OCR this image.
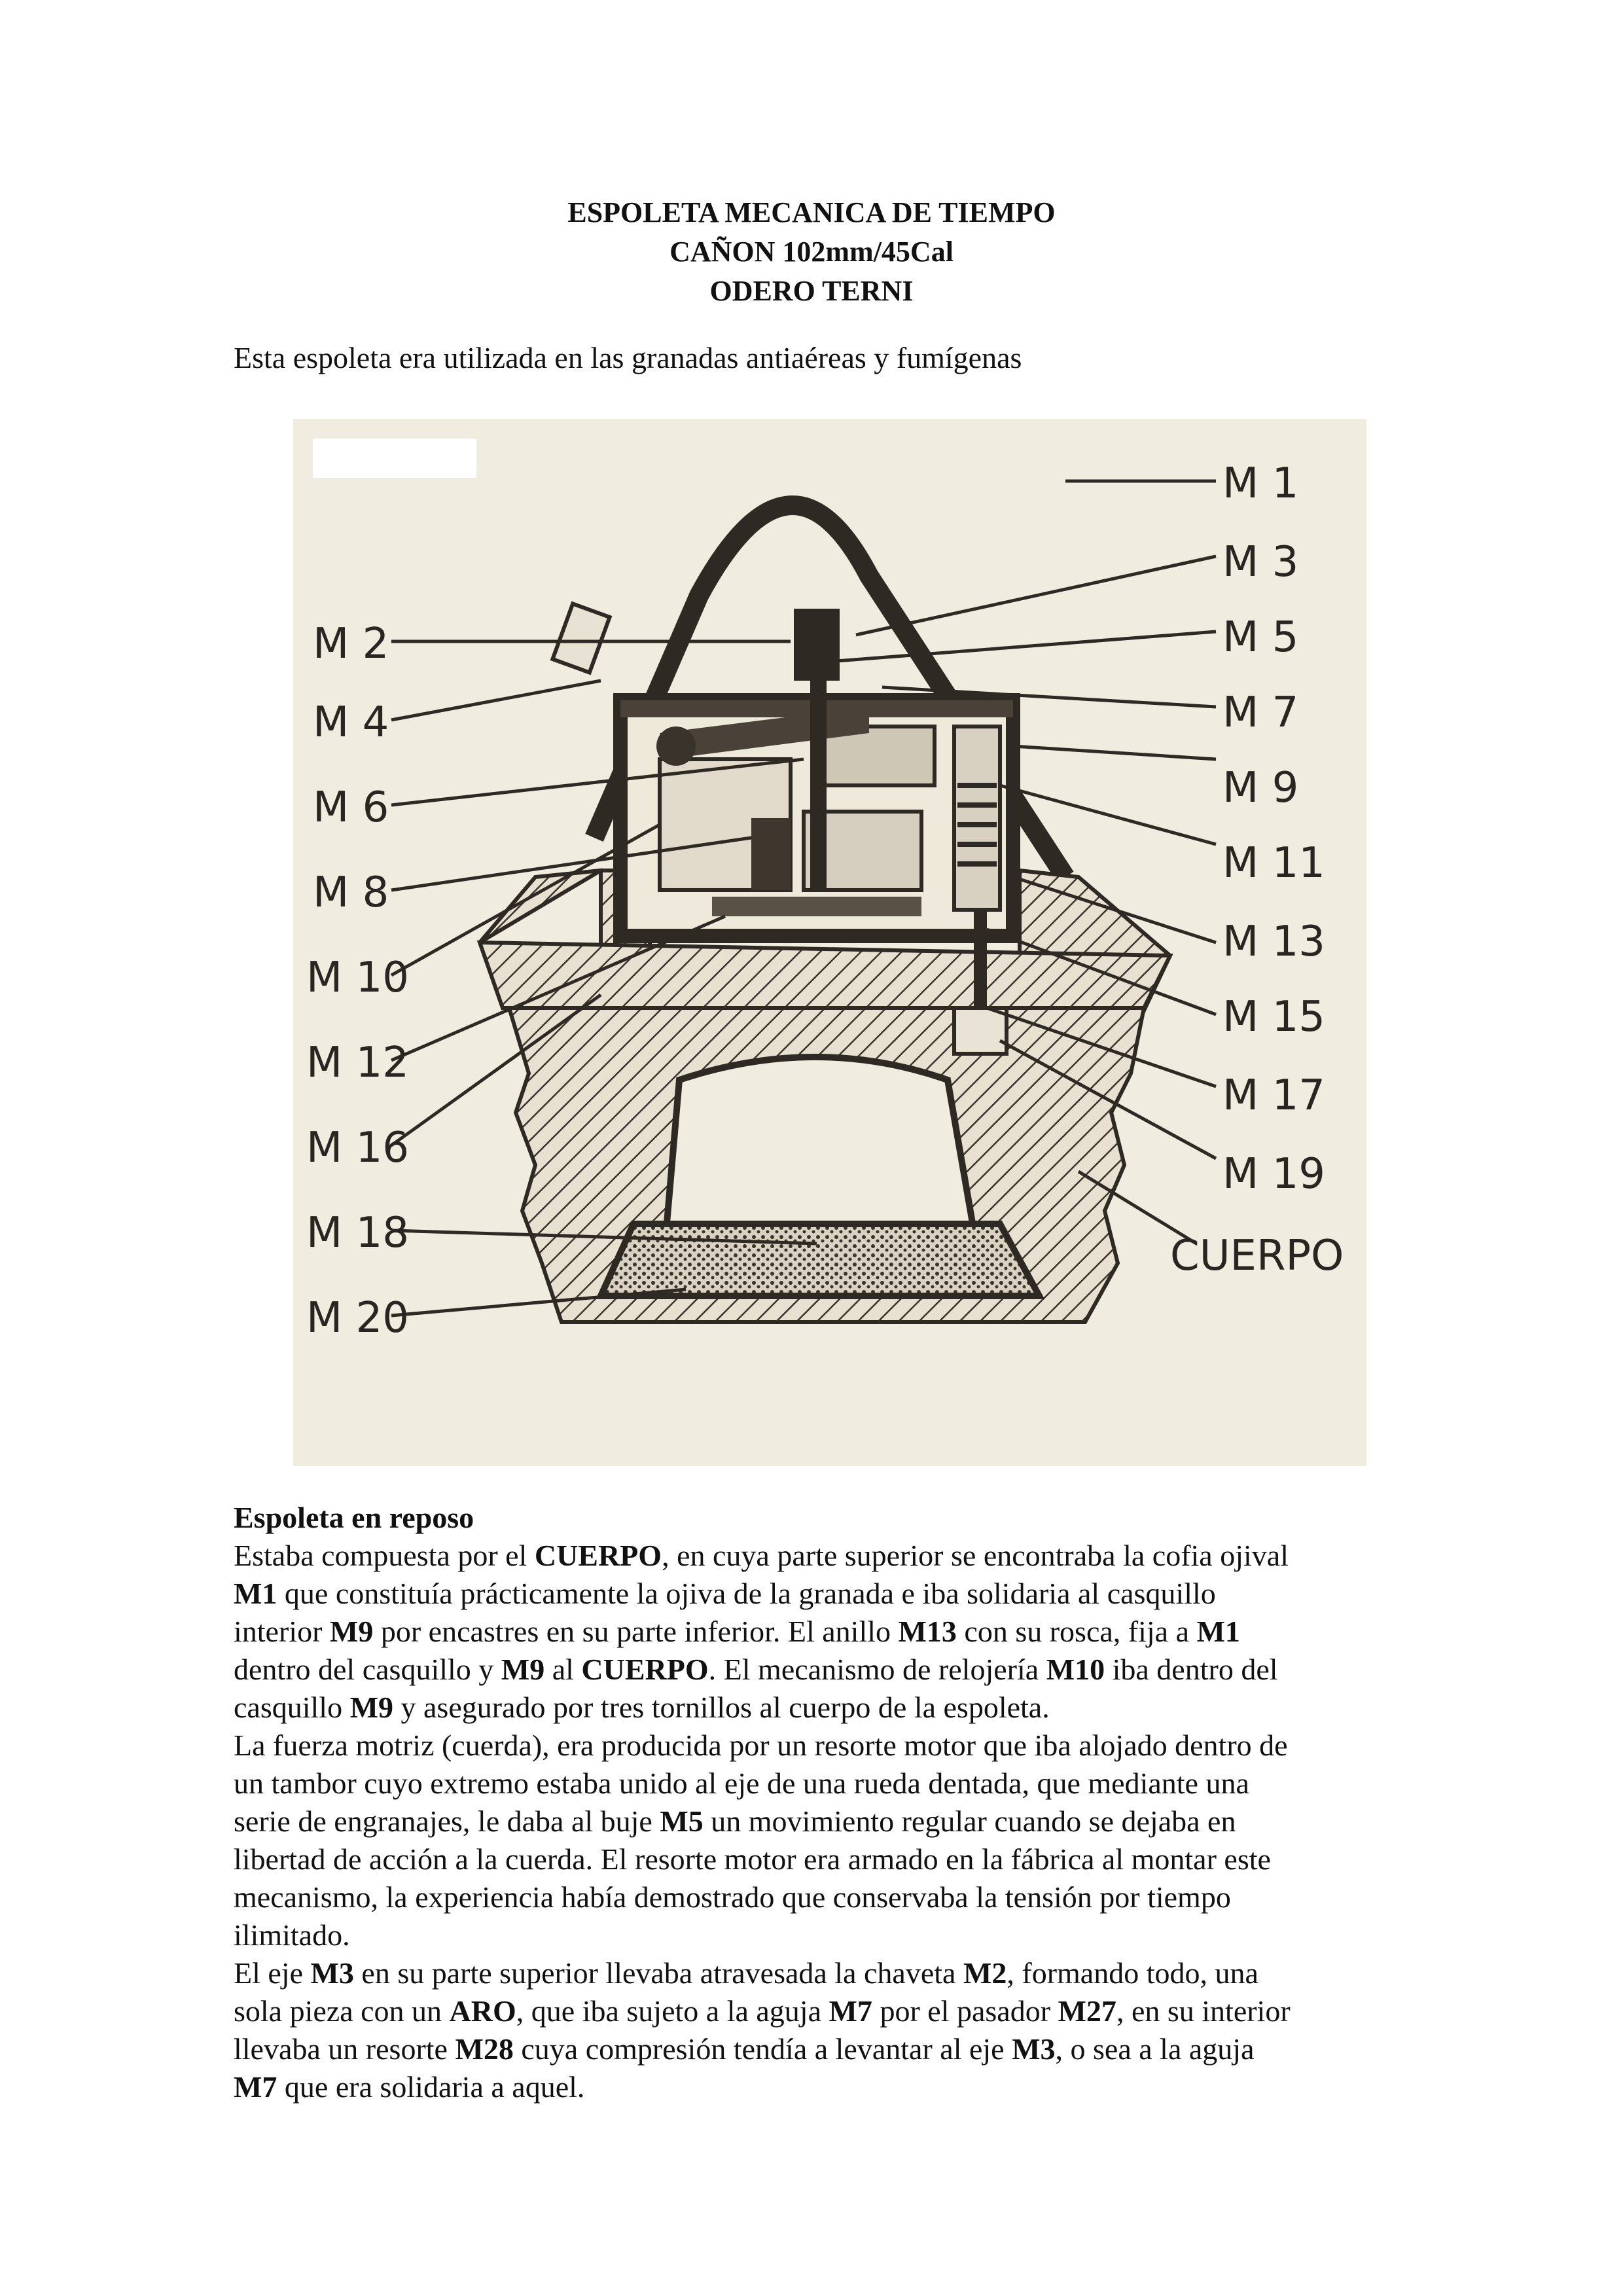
ESPOLETA MECANICA DE TIEMPO
CAÑON 102mm/45Cal
ODERO TERNI
Esta espoleta era utilizada en las granadas antiaéreas y fumígenas
M 1
M 3
M 5
M 7
M 9
M 11
M 13
M 15
M 17
M 19
CUERPO
M 2
M 4
M 6
M 8
M 10
M 12
M 16
M 18
M 20
Espoleta en reposo
Estaba compuesta por el CUERPO, en cuya parte superior se encontraba la cofia ojival
M1 que constituía prácticamente la ojiva de la granada e iba solidaria al casquillo
interior M9 por encastres en su parte inferior. El anillo M13 con su rosca, fija a M1
dentro del casquillo y M9 al CUERPO. El mecanismo de relojería M10 iba dentro del
casquillo M9 y asegurado por tres tornillos al cuerpo de la espoleta.
La fuerza motriz (cuerda), era producida por un resorte motor que iba alojado dentro de
un tambor cuyo extremo estaba unido al eje de una rueda dentada, que mediante una
serie de engranajes, le daba al buje M5 un movimiento regular cuando se dejaba en
libertad de acción a la cuerda. El resorte motor era armado en la fábrica al montar este
mecanismo, la experiencia había demostrado que conservaba la tensión por tiempo
ilimitado.
El eje M3 en su parte superior llevaba atravesada la chaveta M2, formando todo, una
sola pieza con un ARO, que iba sujeto a la aguja M7 por el pasador M27, en su interior
llevaba un resorte M28 cuya compresión tendía a levantar al eje M3, o sea a la aguja
M7 que era solidaria a aquel.
